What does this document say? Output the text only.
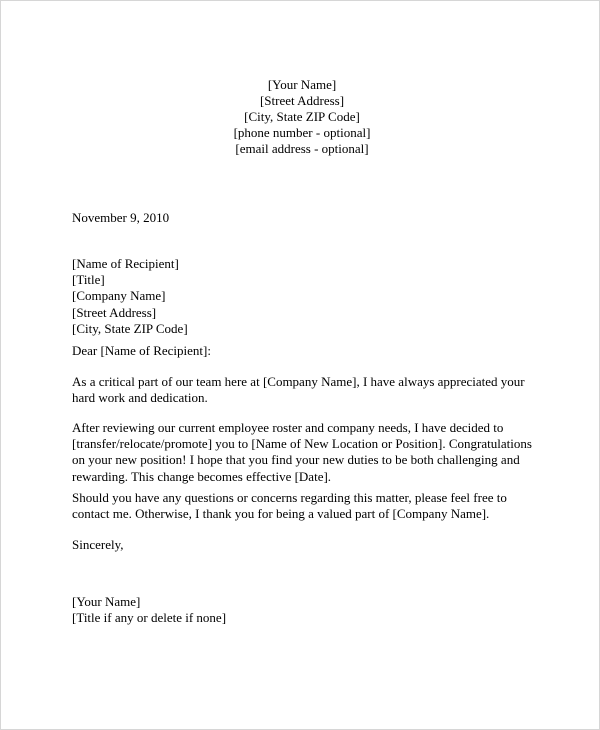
[Your Name]
[Street Address]
[City, State ZIP Code]
[phone number - optional]
[email address - optional]
November 9, 2010
[Name of Recipient]
[Title]
[Company Name]
[Street Address]
[City, State ZIP Code]
Dear [Name of Recipient]:
As a critical part of our team here at [Company Name], I have always appreciated your
hard work and dedication.
After reviewing our current employee roster and company needs, I have decided to
[transfer/relocate/promote] you to [Name of New Location or Position]. Congratulations
on your new position! I hope that you find your new duties to be both challenging and
rewarding. This change becomes effective [Date].
Should you have any questions or concerns regarding this matter, please feel free to
contact me. Otherwise, I thank you for being a valued part of [Company Name].
Sincerely,
[Your Name]
[Title if any or delete if none]
